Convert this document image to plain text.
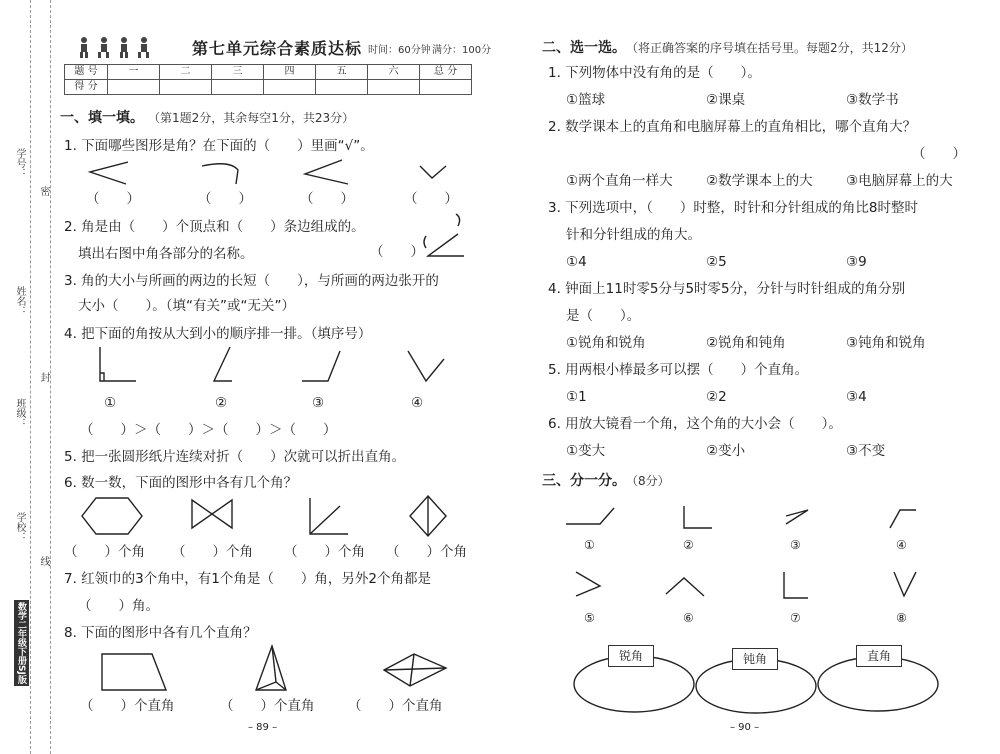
学号：
密
姓名：
封
班级：
学校：
线
数学二年级下册SJ版
第七单元综合素质达标 时间：60分钟 满分：100分
题 号	一	二	三	四	五	六	总 分
得 分							
一、填一填。 （第1题2分，其余每空1分，共23分）
1. 下面哪些图形是角？在下面的（　　）里画“√”。
（　　）	（　　）	（　　）	（　　）
2. 角是由（　　）个顶点和（　　）条边组成的。
填出右图中角各部分的名称。	（　　）
3. 角的大小与所画的两边的长短（　　），与所画的两边张开的
大小（　　）。（填“有关”或“无关”）
4. 把下面的角按从大到小的顺序排一排。（填序号）
①	②	③	④
（　　）＞（　　）＞（　　）＞（　　）
5. 把一张圆形纸片连续对折（　　）次就可以折出直角。
6. 数一数，下面的图形中各有几个角？
（　　）个角 （　　）个角 （　　）个角 （　　）个角
7. 红领巾的3个角中，有1个角是（　　）角，另外2个角都是
（　　）角。
8. 下面的图形中各有几个直角？
（　　）个直角	（　　）个直角 （　　）个直角
– 89 –
二、选一选。 （将正确答案的序号填在括号里。每题2分，共12分）
1. 下列物体中没有角的是（　　）。
①篮球	②课桌	③数学书
2. 数学课本上的直角和电脑屏幕上的直角相比，哪个直角大？
（　　）
①两个直角一样大 ②数学课本上的大 ③电脑屏幕上的大
3. 下列选项中，（　　）时整，时针和分针组成的角比8时整时
针和分针组成的角大。
①4	②5	③9
4. 钟面上11时零5分与5时零5分，分针与时针组成的角分别
是（　　）。
①锐角和锐角	②锐角和钝角	③钝角和锐角
5. 用两根小棒最多可以摆（　　）个直角。
①1	②2	③4
6. 用放大镜看一个角，这个角的大小会（　　）。
①变大	②变小	③不变
三、分一分。 （8分）
①	②	③	④
⑤	⑥	⑦	⑧
锐角	钝角	直角
– 90 –
